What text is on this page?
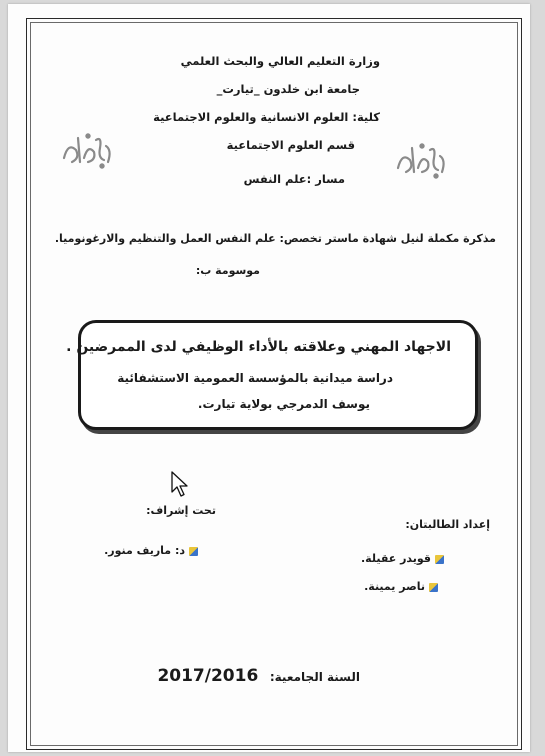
وزارة التعليم العالي والبحث العلمي
جامعة ابن خلدون _تيارت_
كلية: العلوم الانسانية والعلوم الاجتماعية
قسم العلوم الاجتماعية
مسار :علم النفس
مذكرة مكملة لنيل شهادة ماستر تخصص: علم النفس العمل والتنظيم والارغونوميا.
موسومة ب:
الاجهاد المهني وعلاقته بالأداء الوظيفي لدى الممرضين .
دراسة ميدانية بالمؤسسة العمومية الاستشفائية
يوسف الدمرجي بولاية تيارت.
تحت إشراف:
د: ماريف منور.
إعداد الطالبتان:
قويدر عقيلة.
ناصر يمينة.
السنة الجامعية: 2017/2016
